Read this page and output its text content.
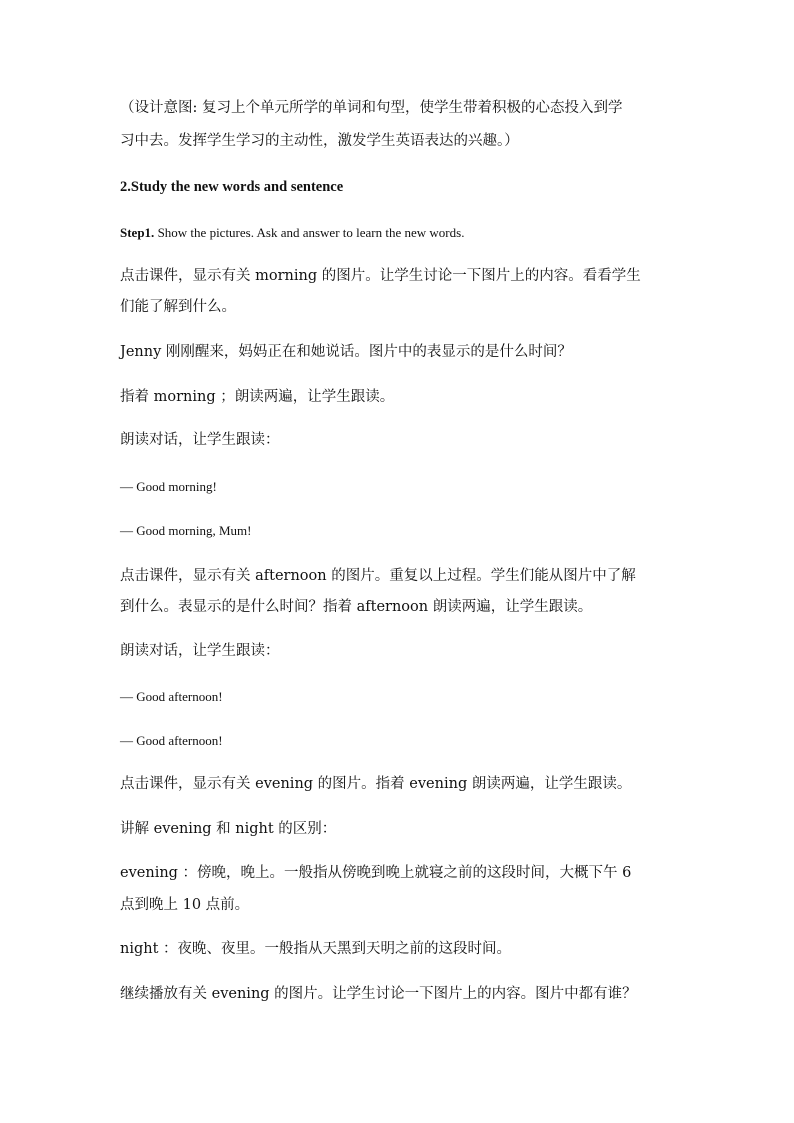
（设计意图: 复习上个单元所学的单词和句型，使学生带着积极的心态投入到学
习中去。发挥学生学习的主动性，激发学生英语表达的兴趣。）
2.Study the new words and sentence
Step1. Show the pictures. Ask and answer to learn the new words.
点击课件，显示有关 morning 的图片。让学生讨论一下图片上的内容。看看学生
们能了解到什么。
Jenny 刚刚醒来，妈妈正在和她说话。图片中的表显示的是什么时间？
指着 morning ；朗读两遍，让学生跟读。
朗读对话，让学生跟读：
— Good morning!
— Good morning, Mum!
点击课件，显示有关 afternoon 的图片。重复以上过程。学生们能从图片中了解
到什么。表显示的是什么时间？指着 afternoon 朗读两遍，让学生跟读。
朗读对话，让学生跟读：
— Good afternoon!
— Good afternoon!
点击课件，显示有关 evening 的图片。指着 evening 朗读两遍，让学生跟读。
讲解 evening 和 night 的区别：
evening ：傍晚，晚上。一般指从傍晚到晚上就寝之前的这段时间，大概下午 6
点到晚上 10 点前。
night ：夜晚、夜里。一般指从天黑到天明之前的这段时间。
继续播放有关 evening 的图片。让学生讨论一下图片上的内容。图片中都有谁？
